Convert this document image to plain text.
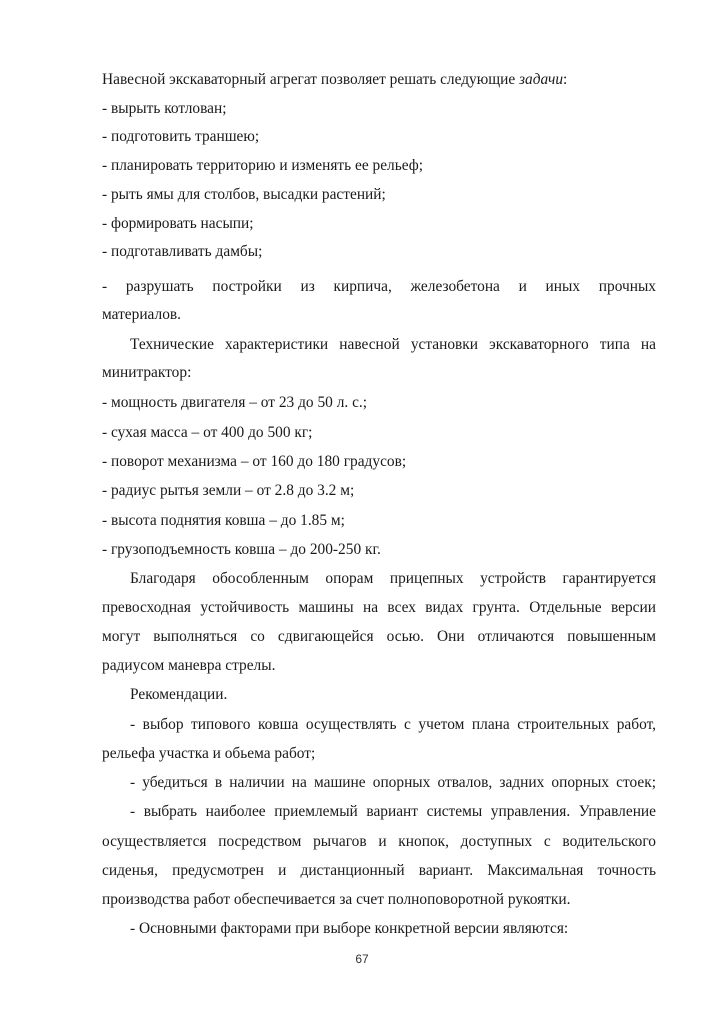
Навесной экскаваторный агрегат позволяет решать следующие задачи:
- вырыть котлован;
- подготовить траншею;
- планировать территорию и изменять ее рельеф;
- рыть ямы для столбов, высадки растений;
- формировать насыпи;
- подготавливать дамбы;
- разрушать постройки из кирпича, железобетона и иных прочных
материалов.
Технические характеристики навесной установки экскаваторного типа на
минитрактор:
- мощность двигателя – от 23 до 50 л. с.;
- сухая масса – от 400 до 500 кг;
- поворот механизма – от 160 до 180 градусов;
- радиус рытья земли – от 2.8 до 3.2 м;
- высота поднятия ковша – до 1.85 м;
- грузоподъемность ковша – до 200-250 кг.
Благодаря обособленным опорам прицепных устройств гарантируется
превосходная устойчивость машины на всех видах грунта. Отдельные версии
могут выполняться со сдвигающейся осью. Они отличаются повышенным
радиусом маневра стрелы.
Рекомендации.
- выбор типового ковша осуществлять с учетом плана строительных работ,
рельефа участка и обьема работ;
- убедиться в наличии на машине опорных отвалов, задних опорных стоек;
- выбрать наиболее приемлемый вариант системы управления. Управление
осуществляется посредством рычагов и кнопок, доступных с водительского
сиденья, предусмотрен и дистанционный вариант. Максимальная точность
производства работ обеспечивается за счет полноповоротной рукоятки.
- Основными факторами при выборе конкретной версии являются:
67
